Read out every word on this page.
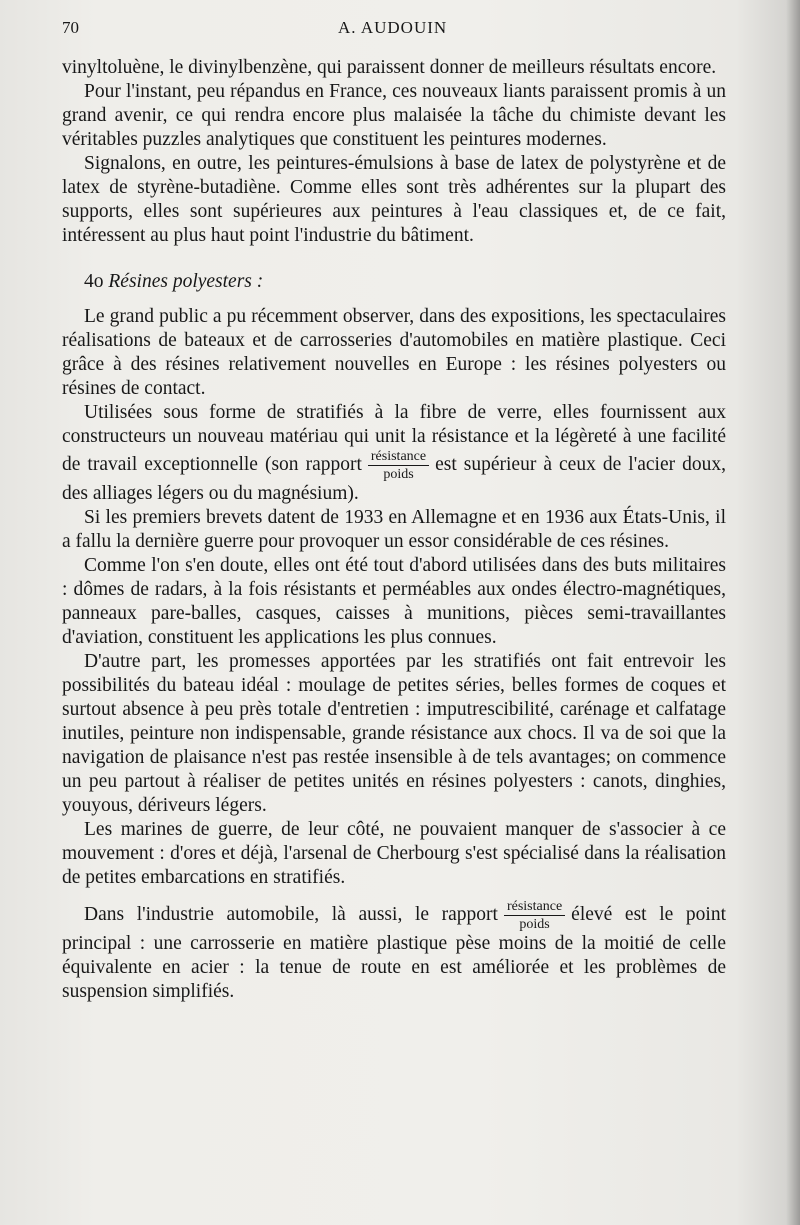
70	A. AUDOUIN

vinyltoluène, le divinylbenzène, qui paraissent donner de meilleurs résultats encore.

Pour l'instant, peu répandus en France, ces nouveaux liants paraissent promis à un grand avenir, ce qui rendra encore plus malaisée la tâche du chimiste devant les véritables puzzles analytiques que constituent les peintures modernes.

Signalons, en outre, les peintures-émulsions à base de latex de polystyrène et de latex de styrène-butadiène. Comme elles sont très adhérentes sur la plupart des supports, elles sont supérieures aux peintures à l'eau classiques et, de ce fait, intéressent au plus haut point l'industrie du bâtiment.

4o Résines polyesters :

Le grand public a pu récemment observer, dans des expositions, les spectaculaires réalisations de bateaux et de carrosseries d'automobiles en matière plastique. Ceci grâce à des résines relativement nouvelles en Europe : les résines polyesters ou résines de contact.

Utilisées sous forme de stratifiés à la fibre de verre, elles fournissent aux constructeurs un nouveau matériau qui unit la résistance et la légèreté à une facilité de travail exceptionnelle (son rapport $\frac{\text{résistance}}{\text{poids}}$ est supérieur à ceux de l'acier doux, des alliages légers ou du magnésium).

Si les premiers brevets datent de 1933 en Allemagne et en 1936 aux États-Unis, il a fallu la dernière guerre pour provoquer un essor considérable de ces résines.

Comme l'on s'en doute, elles ont été tout d'abord utilisées dans des buts militaires : dômes de radars, à la fois résistants et perméables aux ondes électro-magnétiques, panneaux pare-balles, casques, caisses à munitions, pièces semi-travaillantes d'aviation, constituent les applications les plus connues.

D'autre part, les promesses apportées par les stratifiés ont fait entrevoir les possibilités du bateau idéal : moulage de petites séries, belles formes de coques et surtout absence à peu près totale d'entretien : imputrescibilité, carénage et calfatage inutiles, peinture non indispensable, grande résistance aux chocs. Il va de soi que la navigation de plaisance n'est pas restée insensible à de tels avantages; on commence un peu partout à réaliser de petites unités en résines polyesters : canots, dinghies, youyous, dériveurs légers.

Les marines de guerre, de leur côté, ne pouvaient manquer de s'associer à ce mouvement : d'ores et déjà, l'arsenal de Cherbourg s'est spécialisé dans la réalisation de petites embarcations en stratifiés.

Dans l'industrie automobile, là aussi, le rapport $\frac{\text{résistance}}{\text{poids}}$ élevé est le point principal : une carrosserie en matière plastique pèse moins de la moitié de celle équivalente en acier : la tenue de route en est améliorée et les problèmes de suspension simplifiés.
